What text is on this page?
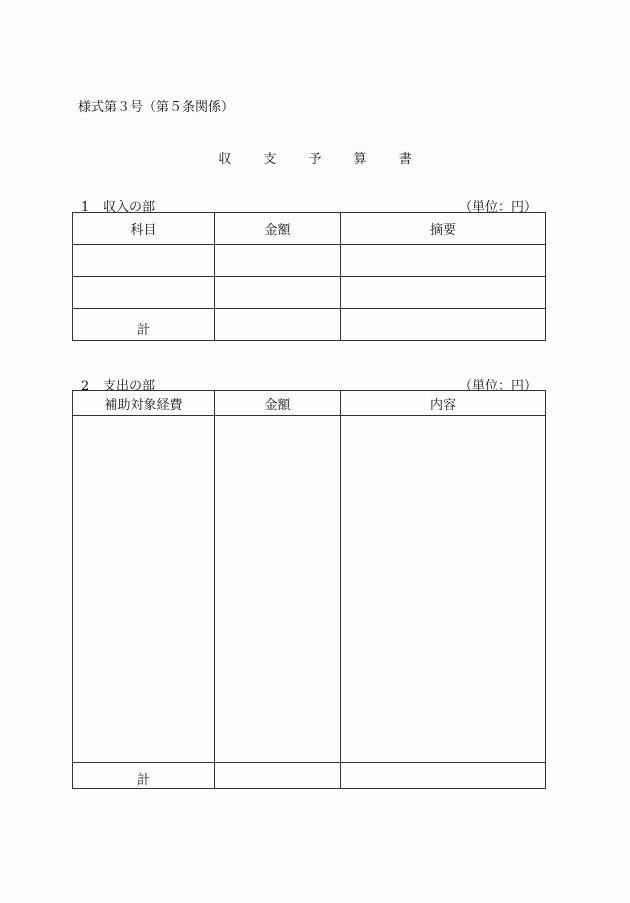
様式第３号（第５条関係）
収 支 予 算 書
1 収入の部	（単位：円）
科目	金額	摘要

計		
2 支出の部	（単位：円）
補助対象経費	金額	内容

計		
